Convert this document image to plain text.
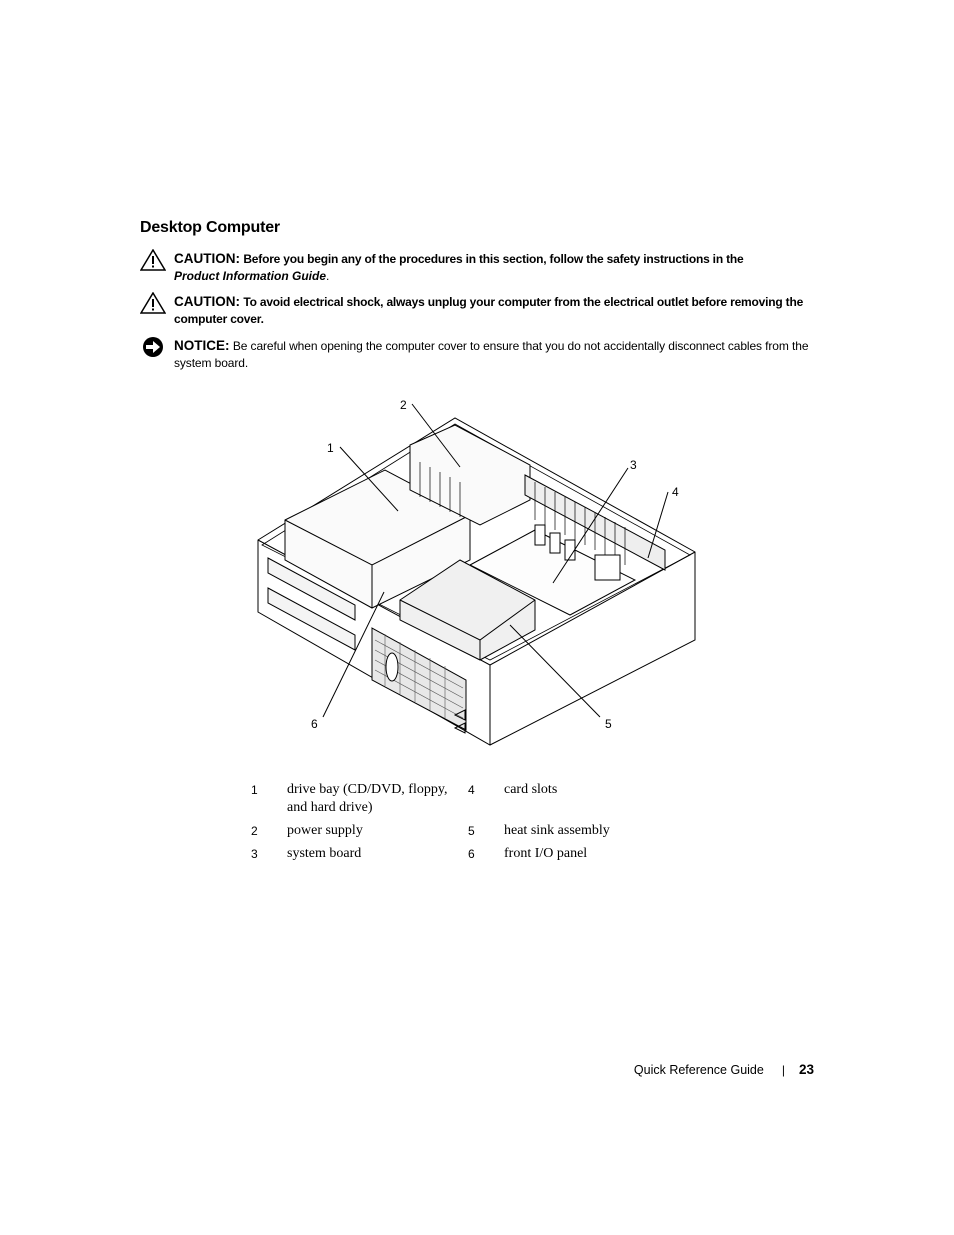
Desktop Computer
CAUTION: Before you begin any of the procedures in this section, follow the safety instructions in the
Product Information Guide.
CAUTION: To avoid electrical shock, always unplug your computer from the electrical outlet before removing the computer cover.
NOTICE: Be careful when opening the computer cover to ensure that you do not accidentally disconnect cables from the system board.
1
2
3
4
5
6
1	drive bay (CD/DVD, floppy, and hard drive)	4	card slots
2	power supply	5	heat sink assembly
3	system board	6	front I/O panel
Quick Reference Guide | 23
